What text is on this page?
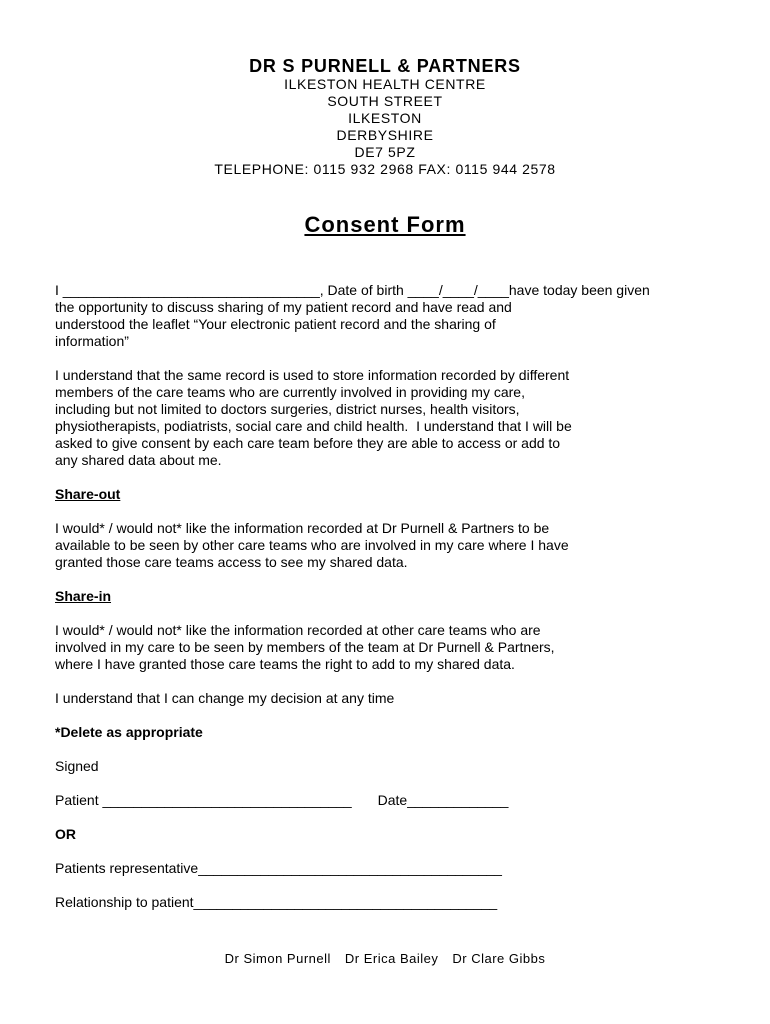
DR S PURNELL & PARTNERS
ILKESTON HEALTH CENTRE
SOUTH STREET
ILKESTON
DERBYSHIRE
DE7 5PZ
TELEPHONE: 0115 932 2968 FAX: 0115 944 2578
Consent Form
I _________________________________, Date of birth ____/____/____have today been given
the opportunity to discuss sharing of my patient record and have read and
understood the leaflet “Your electronic patient record and the sharing of
information”
I understand that the same record is used to store information recorded by different
members of the care teams who are currently involved in providing my care,
including but not limited to doctors surgeries, district nurses, health visitors,
physiotherapists, podiatrists, social care and child health.  I understand that I will be
asked to give consent by each care team before they are able to access or add to
any shared data about me.
Share-out
I would* / would not* like the information recorded at Dr Purnell & Partners to be
available to be seen by other care teams who are involved in my care where I have
granted those care teams access to see my shared data.
Share-in
I would* / would not* like the information recorded at other care teams who are
involved in my care to be seen by members of the team at Dr Purnell & Partners,
where I have granted those care teams the right to add to my shared data.
I understand that I can change my decision at any time
*Delete as appropriate
Signed
Patient ________________________________ Date_____________
OR
Patients representative_______________________________________
Relationship to patient_______________________________________
Dr Simon Purnell Dr Erica Bailey Dr Clare Gibbs
